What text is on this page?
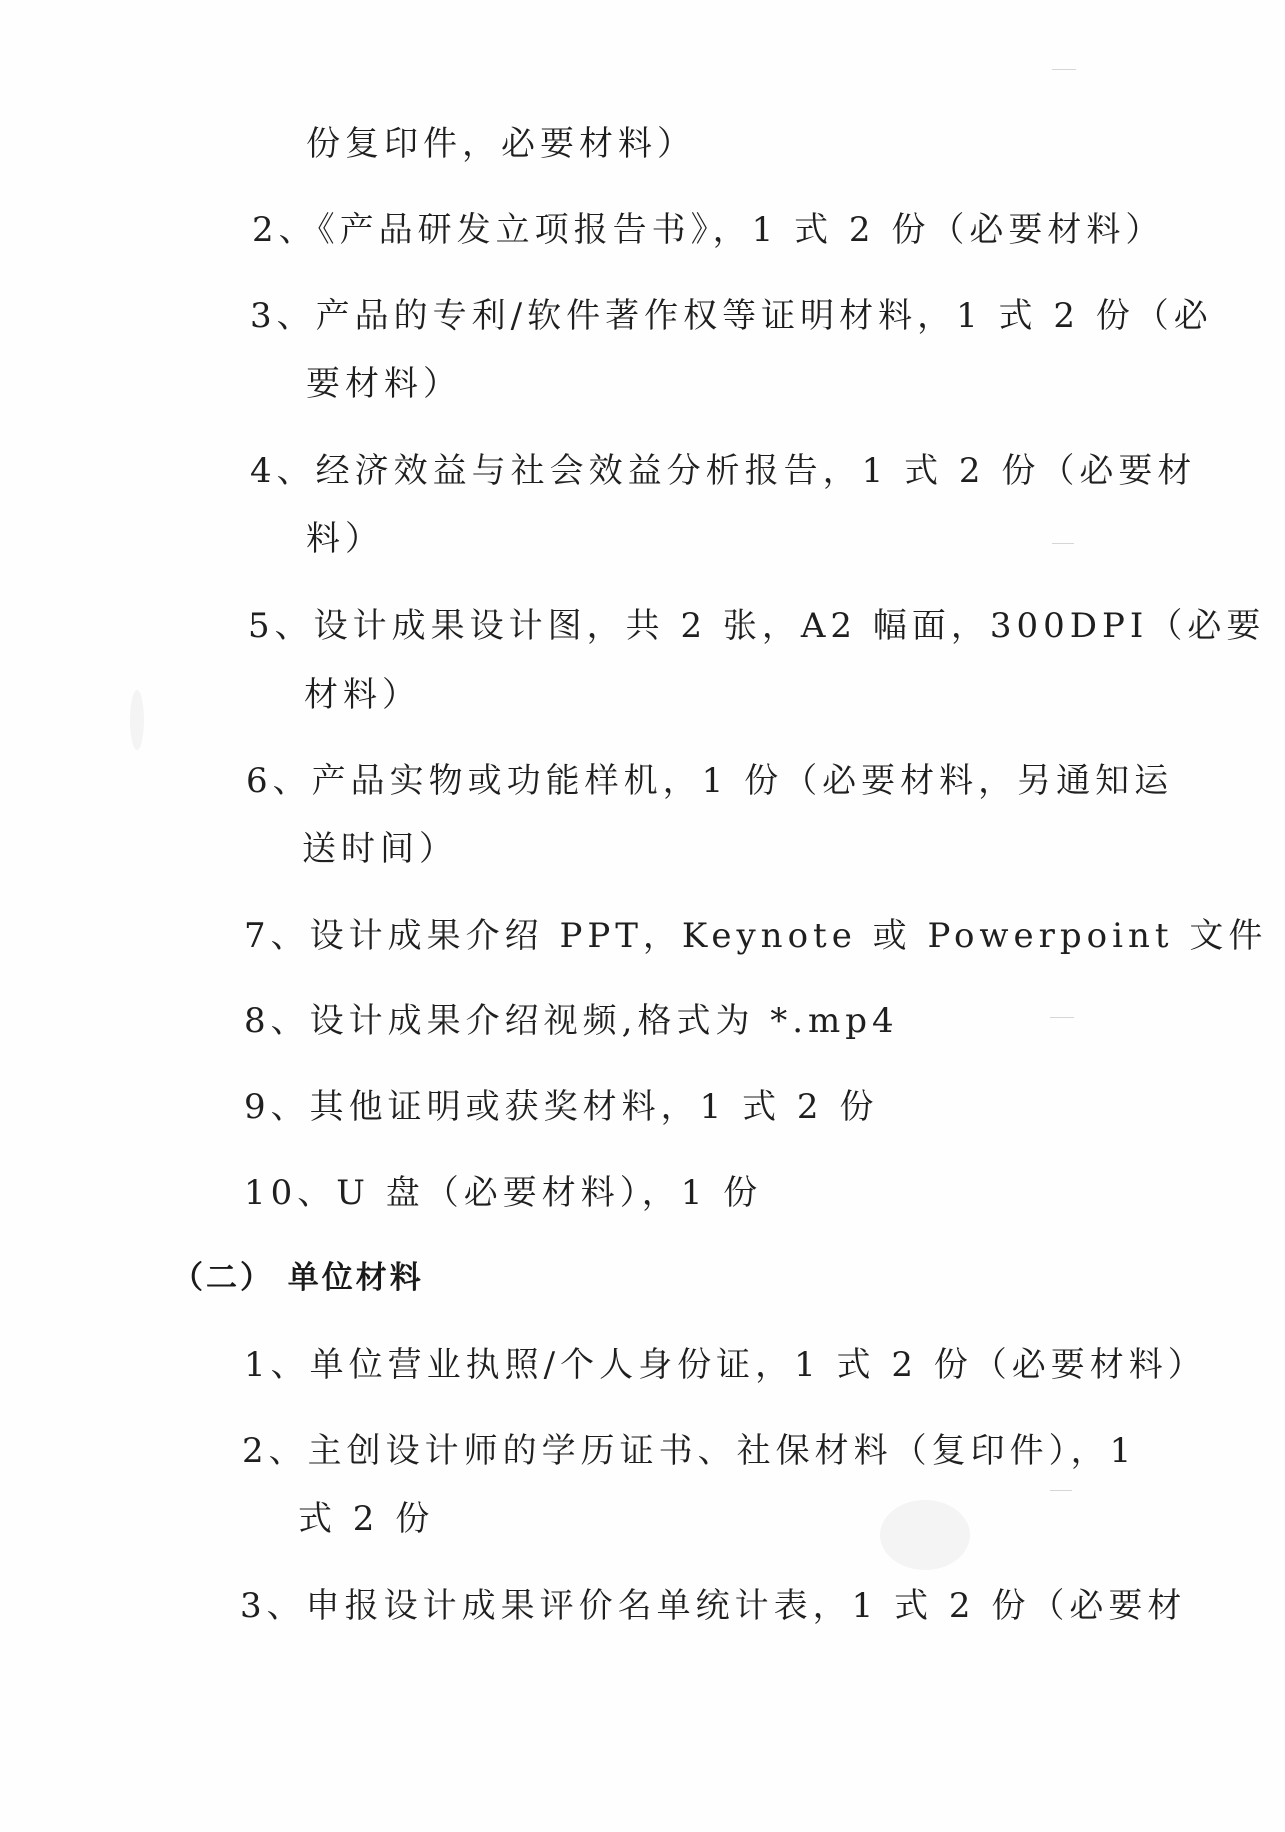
份复印件，必要材料）
2、《产品研发立项报告书》，1 式 2 份（必要材料）
3、产品的专利/软件著作权等证明材料，1 式 2 份（必
要材料）
4、经济效益与社会效益分析报告，1 式 2 份（必要材
料）
5、设计成果设计图，共 2 张，A2 幅面，300DPI（必要
材料）
6、产品实物或功能样机，1 份（必要材料，另通知运
送时间）
7、设计成果介绍 PPT，Keynote 或 Powerpoint 文件
8、设计成果介绍视频,格式为 *.mp4
9、其他证明或获奖材料，1 式 2 份
10、U 盘（必要材料），1 份
（二） 单位材料
1、单位营业执照/个人身份证，1 式 2 份（必要材料）
2、主创设计师的学历证书、社保材料（复印件），1
式 2 份
3、申报设计成果评价名单统计表，1 式 2 份（必要材
